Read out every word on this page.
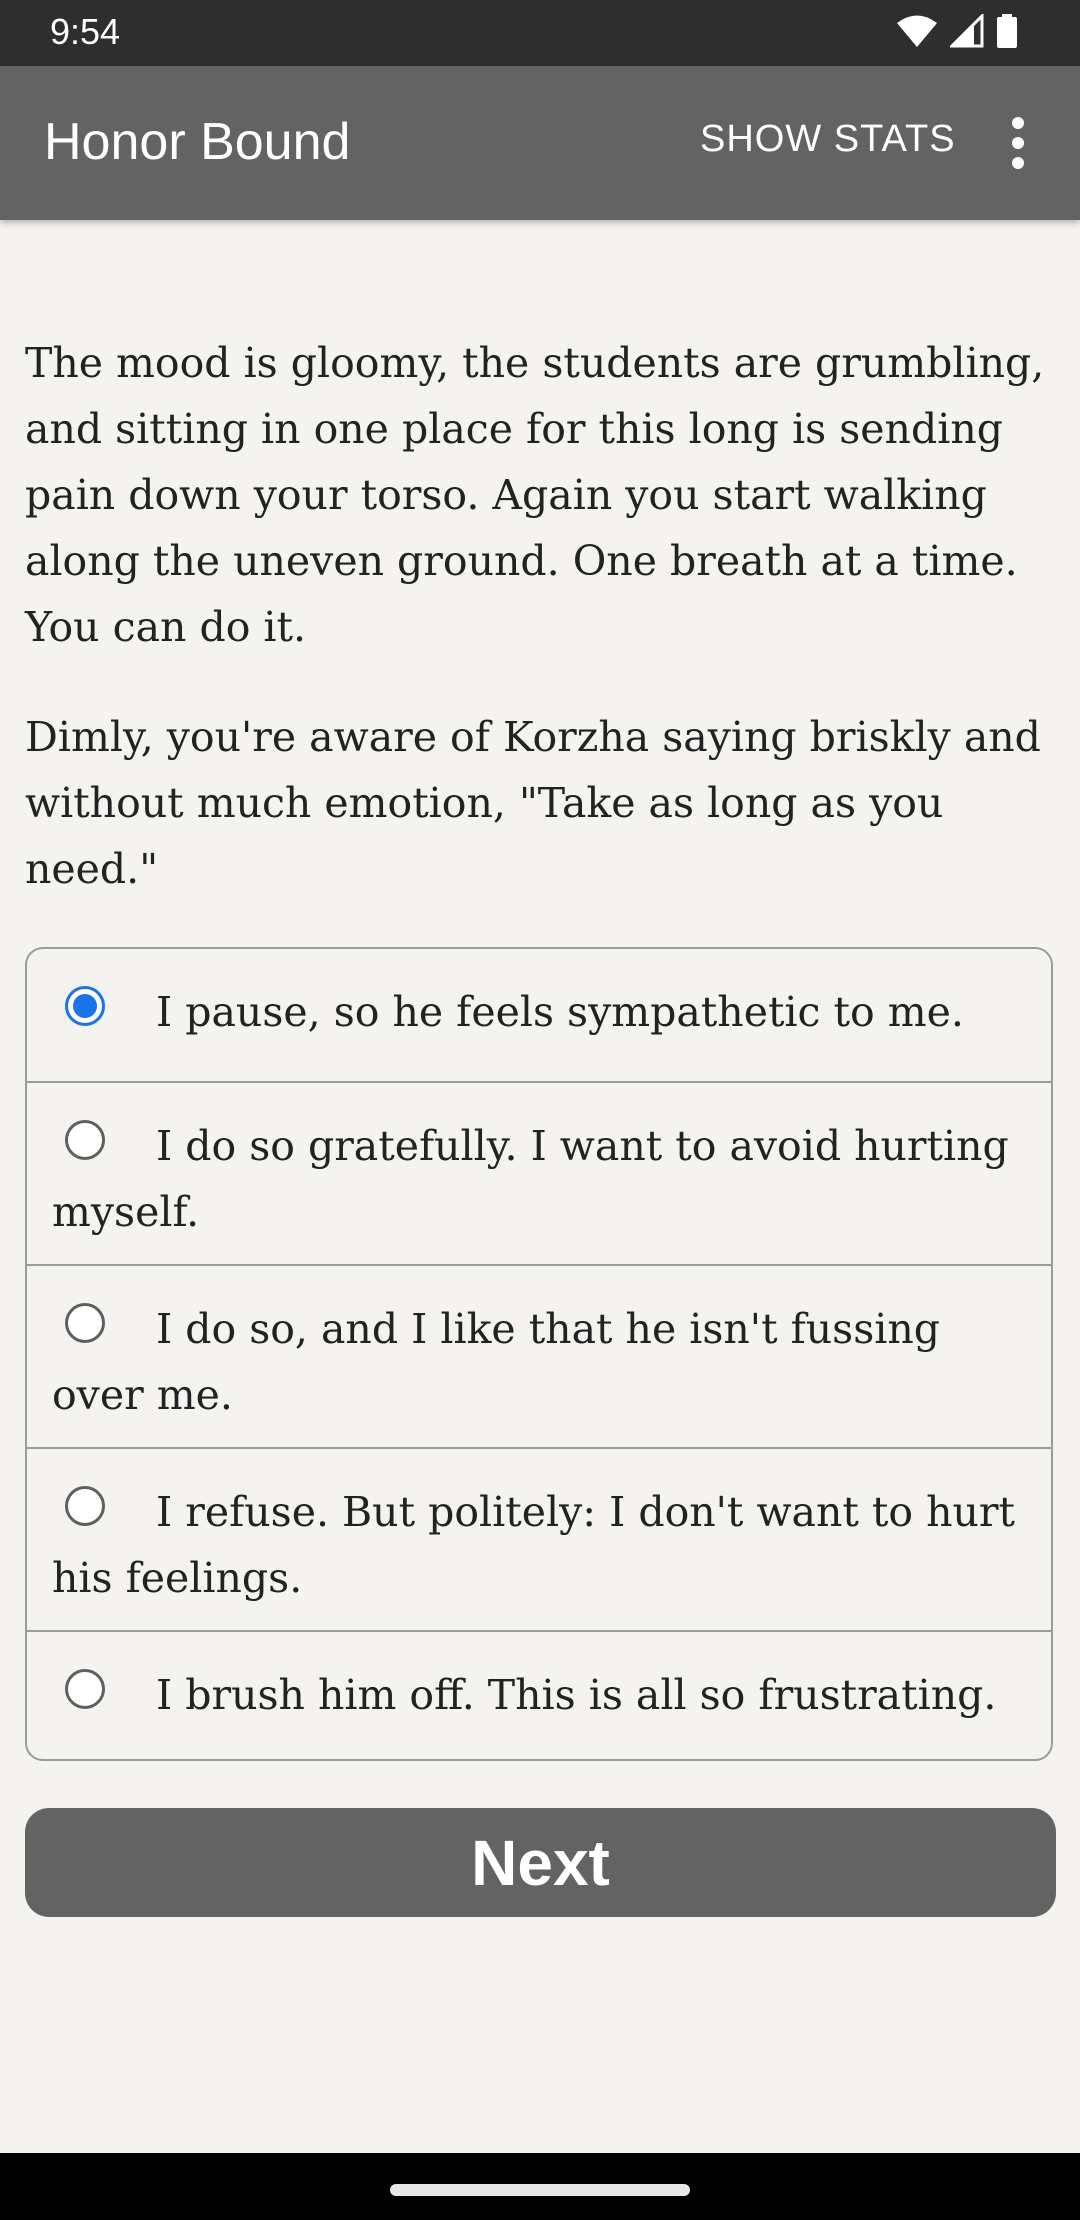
9:54
Honor Bound	SHOW STATS

The mood is gloomy, the students are grumbling, and sitting in one place for this long is sending pain down your torso. Again you start walking along the uneven ground. One breath at a time. You can do it.

Dimly, you're aware of Korzha saying briskly and without much emotion, "Take as long as you need."

I pause, so he feels sympathetic to me.
I do so gratefully. I want to avoid hurting myself.
I do so, and I like that he isn't fussing over me.
I refuse. But politely: I don't want to hurt his feelings.
I brush him off. This is all so frustrating.
Next
